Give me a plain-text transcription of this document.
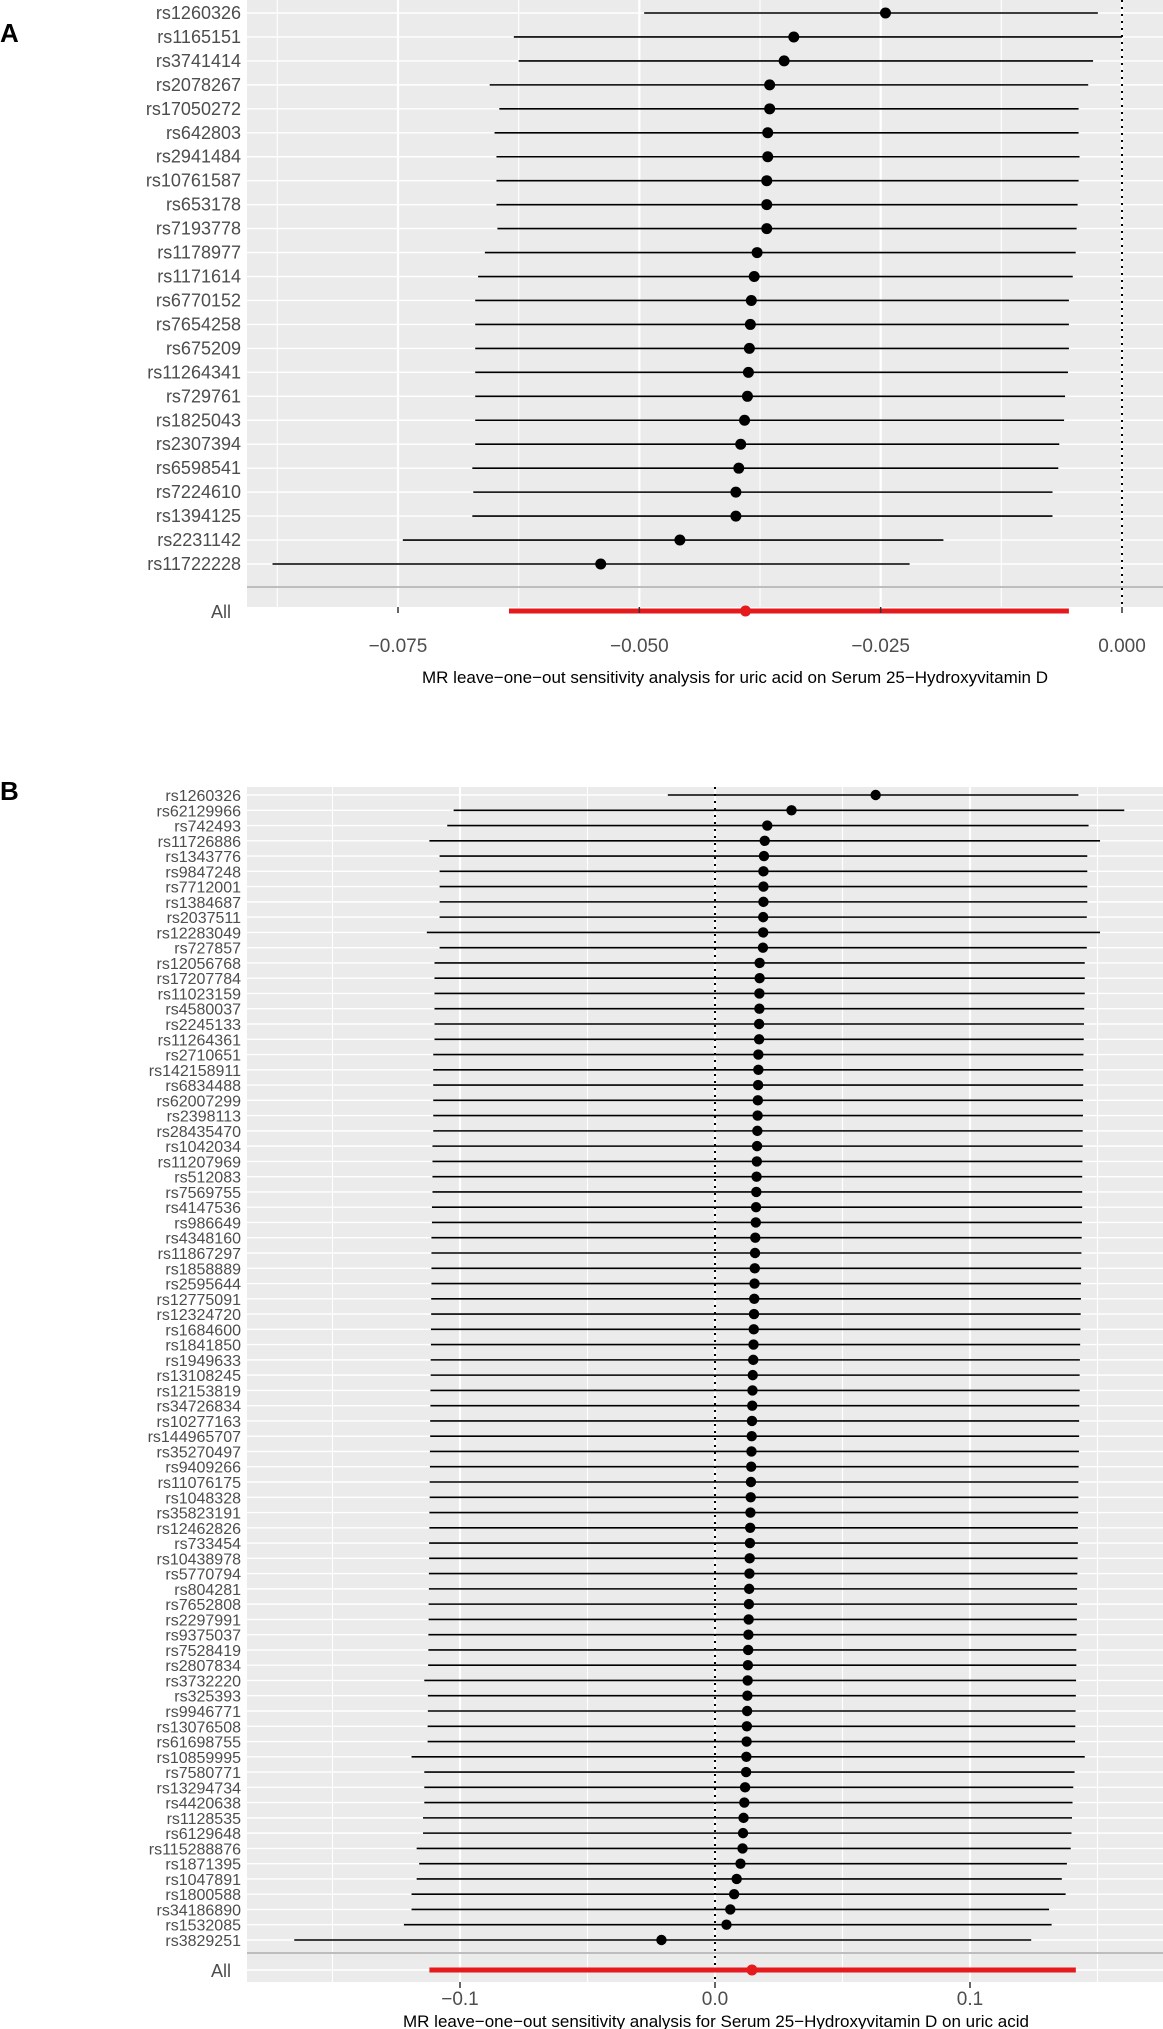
rs1260326
rs1165151
rs3741414
rs2078267
rs17050272
rs642803
rs2941484
rs10761587
rs653178
rs7193778
rs1178977
rs1171614
rs6770152
rs7654258
rs675209
rs11264341
rs729761
rs1825043
rs2307394
rs6598541
rs7224610
rs1394125
rs2231142
rs11722228
All
−0.075	−0.050	−0.025	0.000
MR leave−one−out sensitivity analysis for uric acid on Serum 25−Hydroxyvitamin D
A
rs1260326
rs62129966
rs742493
rs11726886
rs1343776
rs9847248
rs7712001
rs1384687
rs2037511
rs12283049
rs727857
rs12056768
rs17207784
rs11023159
rs4580037
rs2245133
rs11264361
rs2710651
rs142158911
rs6834488
rs62007299
rs2398113
rs28435470
rs1042034
rs11207969
rs512083
rs7569755
rs4147536
rs986649
rs4348160
rs11867297
rs1858889
rs2595644
rs12775091
rs12324720
rs1684600
rs1841850
rs1949633
rs13108245
rs12153819
rs34726834
rs10277163
rs144965707
rs35270497
rs9409266
rs11076175
rs1048328
rs35823191
rs12462826
rs733454
rs10438978
rs5770794
rs804281
rs7652808
rs2297991
rs9375037
rs7528419
rs2807834
rs3732220
rs325393
rs9946771
rs13076508
rs61698755
rs10859995
rs7580771
rs13294734
rs4420638
rs1128535
rs6129648
rs115288876
rs1871395
rs1047891
rs1800588
rs34186890
rs1532085
rs3829251
All
−0.1	0.0	0.1
MR leave−one−out sensitivity analysis for Serum 25−Hydroxyvitamin D on uric acid
B
